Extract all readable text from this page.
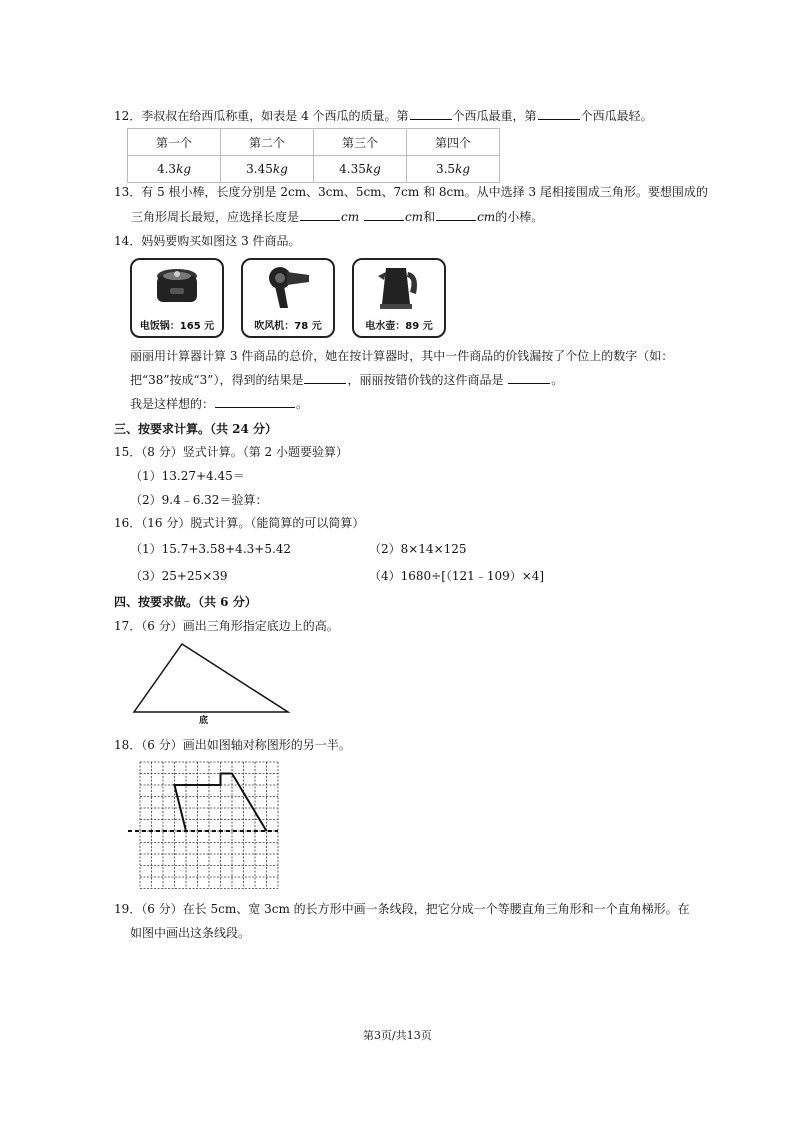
12．李叔叔在给西瓜称重，如表是 4 个西瓜的质量。第	个西瓜最重，第	个西瓜最轻。
第一个	第二个	第三个	第四个
4.3kg	3.45kg	4.35kg	3.5kg
13．有 5 根小棒，长度分别是 2cm、3cm、5cm、7cm 和 8cm。从中选择 3 尾相接围成三角形。要想围成的
三角形周长最短，应选择长度是	cm	cm和	cm的小棒。
14．妈妈要购买如图这 3 件商品。
电饭锅：165 元	吹风机：78 元	电水壶：89 元
丽丽用计算器计算 3 件商品的总价，她在按计算器时，其中一件商品的价钱漏按了个位上的数字（如：
把“38”按成“3”），得到的结果是	，丽丽按错价钱的这件商品是	。
我是这样想的：	。
三、按要求计算。（共 24 分）
15．（8 分）竖式计算。（第 2 小题要验算）
（1）13.27+4.45＝
（2）9.4﹣6.32＝验算：
16．（16 分）脱式计算。（能简算的可以简算）
（1）15.7+3.58+4.3+5.42	（2）8×14×125
（3）25+25×39	（4）1680÷[（121﹣109）×4]
四、按要求做。（共 6 分）
17．（6 分）画出三角形指定底边上的高。
底
18．（6 分）画出如图轴对称图形的另一半。
19．（6 分）在长 5cm、宽 3cm 的长方形中画一条线段，把它分成一个等腰直角三角形和一个直角梯形。在
如图中画出这条线段。
第3页/共13页
